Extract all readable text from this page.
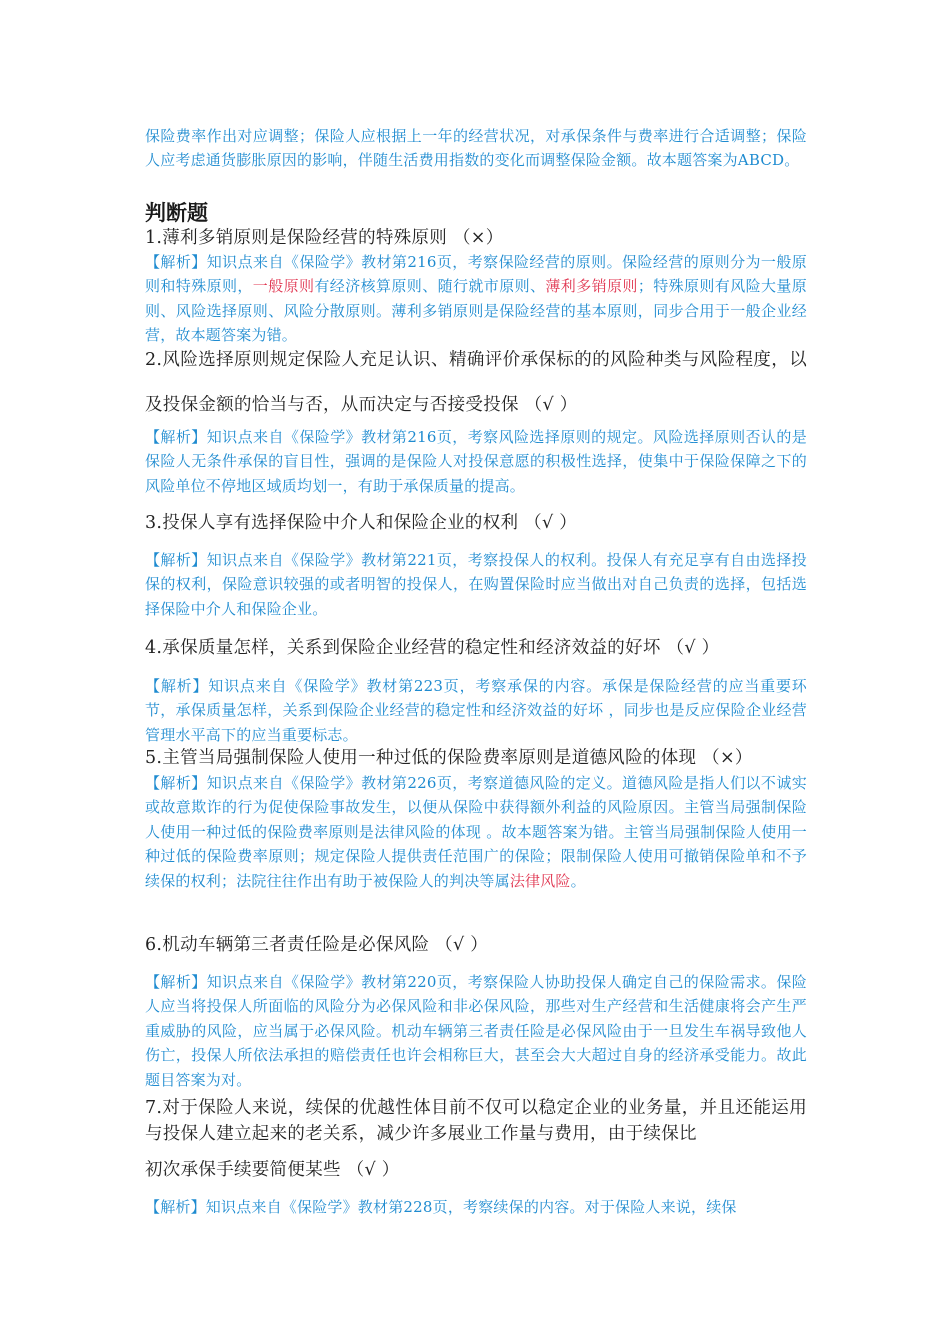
保险费率作出对应调整；保险人应根据上一年的经营状况，对承保条件与费率进行合适调整；保险人应考虑通货膨胀原因的影响，伴随生活费用指数的变化而调整保险金额。故本题答案为ABCD。

判断题

1.薄利多销原则是保险经营的特殊原则 （×）

【解析】知识点来自《保险学》教材第216页，考察保险经营的原则。保险经营的原则分为一般原则和特殊原则，一般原则有经济核算原则、随行就市原则、薄利多销原则；特殊原则有风险大量原则、风险选择原则、风险分散原则。薄利多销原则是保险经营的基本原则，同步合用于一般企业经营，故本题答案为错。

2.风险选择原则规定保险人充足认识、精确评价承保标的的风险种类与风险程度，以及投保金额的恰当与否，从而决定与否接受投保 （√ ）

【解析】知识点来自《保险学》教材第216页，考察风险选择原则的规定。风险选择原则否认的是保险人无条件承保的盲目性，强调的是保险人对投保意愿的积极性选择，使集中于保险保障之下的风险单位不停地区域质均划一，有助于承保质量的提高。

3.投保人享有选择保险中介人和保险企业的权利 （√ ）

【解析】知识点来自《保险学》教材第221页，考察投保人的权利。投保人有充足享有自由选择投保的权利，保险意识较强的或者明智的投保人，在购置保险时应当做出对自己负责的选择，包括选择保险中介人和保险企业。

4.承保质量怎样，关系到保险企业经营的稳定性和经济效益的好坏 （√ ）

【解析】知识点来自《保险学》教材第223页，考察承保的内容。承保是保险经营的应当重要环节，承保质量怎样，关系到保险企业经营的稳定性和经济效益的好坏 ，同步也是反应保险企业经营管理水平高下的应当重要标志。

5.主管当局强制保险人使用一种过低的保险费率原则是道德风险的体现 （×）

【解析】知识点来自《保险学》教材第226页，考察道德风险的定义。道德风险是指人们以不诚实或故意欺诈的行为促使保险事故发生，以便从保险中获得额外利益的风险原因。主管当局强制保险人使用一种过低的保险费率原则是法律风险的体现 。故本题答案为错。主管当局强制保险人使用一种过低的保险费率原则；规定保险人提供责任范围广的保险；限制保险人使用可撤销保险单和不予续保的权利；法院往往作出有助于被保险人的判决等属法律风险。

6.机动车辆第三者责任险是必保风险 （√ ）

【解析】知识点来自《保险学》教材第220页，考察保险人协助投保人确定自己的保险需求。保险人应当将投保人所面临的风险分为必保风险和非必保风险，那些对生产经营和生活健康将会产生严重威胁的风险，应当属于必保风险。机动车辆第三者责任险是必保风险由于一旦发生车祸导致他人伤亡，投保人所依法承担的赔偿责任也许会相称巨大，甚至会大大超过自身的经济承受能力。故此题目答案为对。

7.对于保险人来说，续保的优越性体目前不仅可以稳定企业的业务量，并且还能运用与投保人建立起来的老关系，减少许多展业工作量与费用，由于续保比

初次承保手续要简便某些 （√ ）

【解析】知识点来自《保险学》教材第228页，考察续保的内容。对于保险人来说，续保
